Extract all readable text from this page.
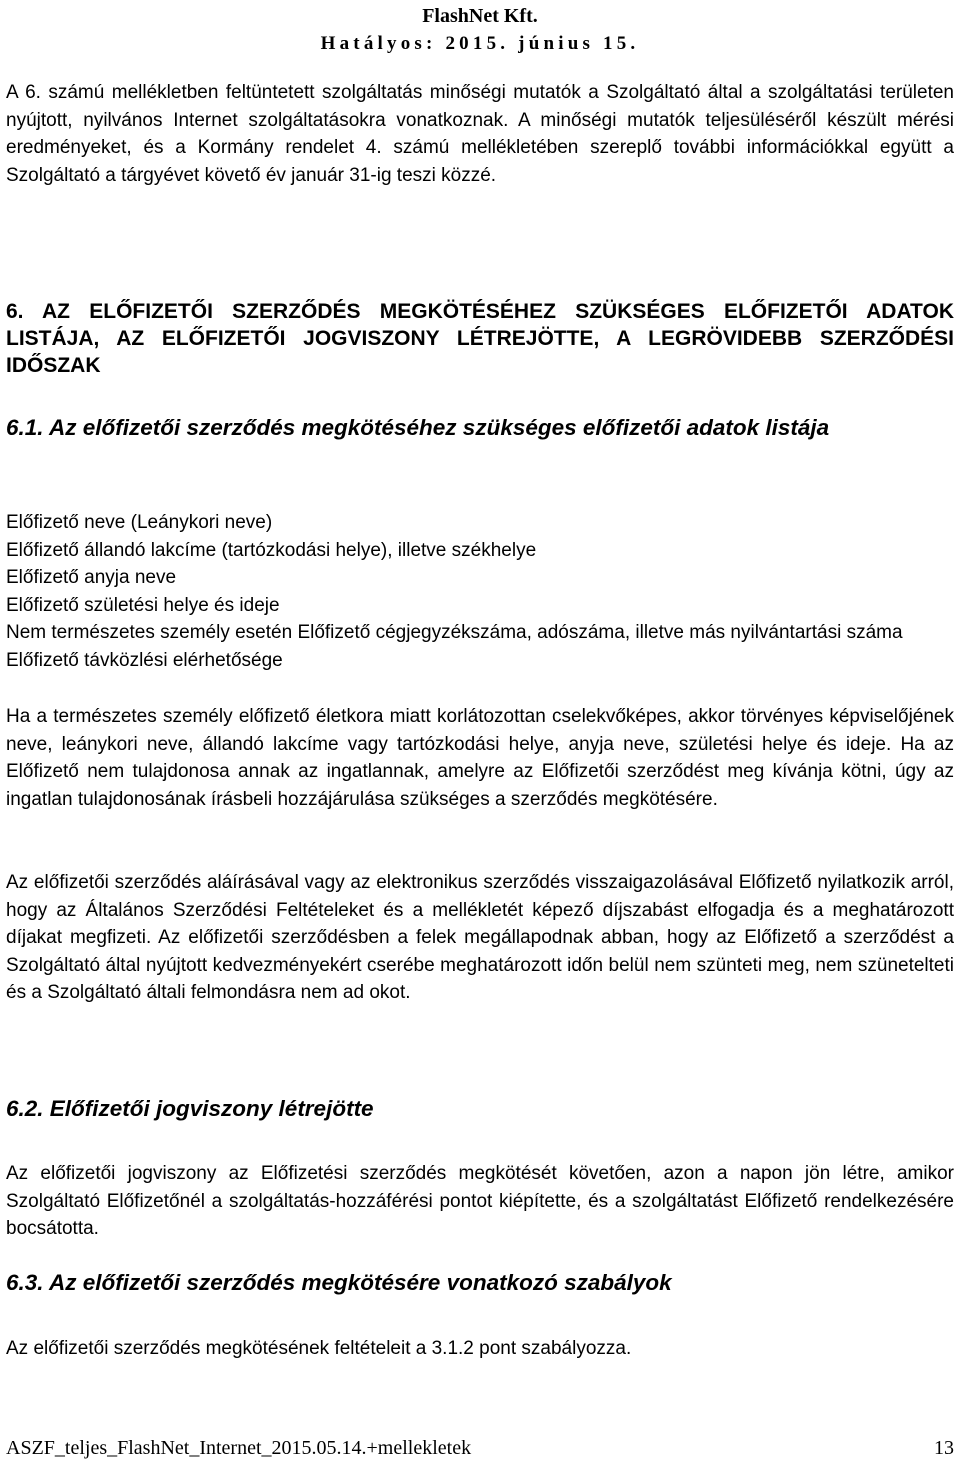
FlashNet Kft.
Hatályos: 2015. június 15.

A 6. számú mellékletben feltüntetett szolgáltatás minőségi mutatók a Szolgáltató által a szolgáltatási területen nyújtott, nyilvános Internet szolgáltatásokra vonatkoznak. A minőségi mutatók teljesüléséről készült mérési eredményeket, és a Kormány rendelet 4. számú mellékletében szereplő további információkkal együtt a Szolgáltató a tárgyévet követő év január 31-ig teszi közzé.

6. AZ ELŐFIZETŐI SZERZŐDÉS MEGKÖTÉSÉHEZ SZÜKSÉGES ELŐFIZETŐI ADATOK LISTÁJA, AZ ELŐFIZETŐI JOGVISZONY LÉTREJÖTTE, A LEGRÖVIDEBB SZERZŐDÉSI IDŐSZAK
6.1. Az előfizetői szerződés megkötéséhez szükséges előfizetői adatok listája
Előfizető neve (Leánykori neve)
Előfizető állandó lakcíme (tartózkodási helye), illetve székhelye
Előfizető anyja neve
Előfizető születési helye és ideje
Nem természetes személy esetén Előfizető cégjegyzékszáma, adószáma, illetve más nyilvántartási száma
Előfizető távközlési elérhetősége

Ha a természetes személy előfizető életkora miatt korlátozottan cselekvőképes, akkor törvényes képviselőjének neve, leánykori neve, állandó lakcíme vagy tartózkodási helye, anyja neve, születési helye és ideje. Ha az Előfizető nem tulajdonosa annak az ingatlannak, amelyre az Előfizetői szerződést meg kívánja kötni, úgy az ingatlan tulajdonosának írásbeli hozzájárulása szükséges a szerződés megkötésére.

Az előfizetői szerződés aláírásával vagy az elektronikus szerződés visszaigazolásával Előfizető nyilatkozik arról, hogy az Általános Szerződési Feltételeket és a mellékletét képező díjszabást elfogadja és a meghatározott díjakat megfizeti. Az előfizetői szerződésben a felek megállapodnak abban, hogy az Előfizető a szerződést a Szolgáltató által nyújtott kedvezményekért cserébe meghatározott időn belül nem szünteti meg, nem szünetelteti és a Szolgáltató általi felmondásra nem ad okot.

6.2. Előfizetői jogviszony létrejötte

Az előfizetői jogviszony az Előfizetési szerződés megkötését követően, azon a napon jön létre, amikor Szolgáltató Előfizetőnél a szolgáltatás-hozzáférési pontot kiépítette, és a szolgáltatást Előfizető rendelkezésére bocsátotta.

6.3. Az előfizetői szerződés megkötésére vonatkozó szabályok

Az előfizetői szerződés megkötésének feltételeit a 3.1.2 pont szabályozza.

ASZF_teljes_FlashNet_Internet_2015.05.14.+mellekletek	13
